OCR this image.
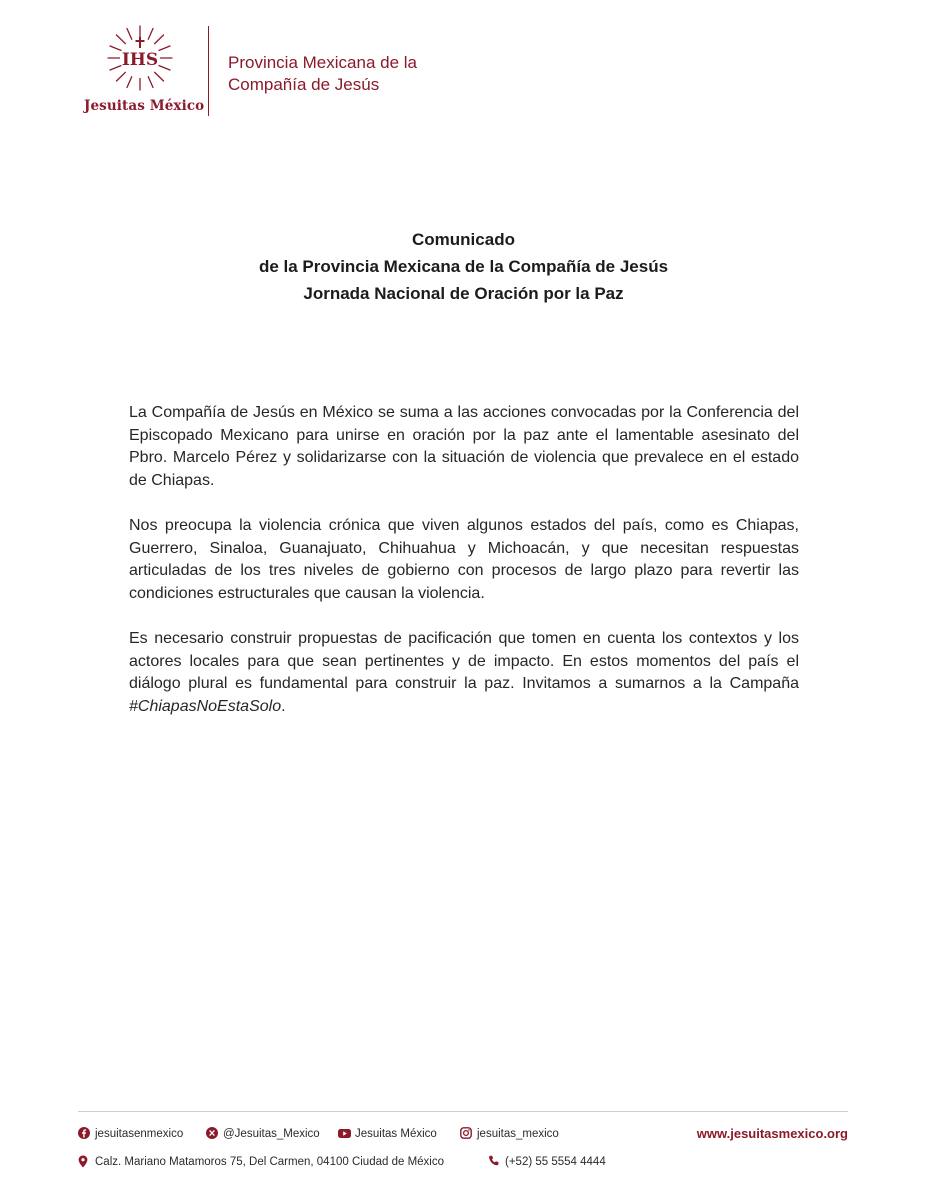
IHS
Jesuitas México
Provincia Mexicana de la
Compañía de Jesús
Comunicado
de la Provincia Mexicana de la Compañía de Jesús
Jornada Nacional de Oración por la Paz

La Compañía de Jesús en México se suma a las acciones convocadas por la Conferencia del Episcopado Mexicano para unirse en oración por la paz ante el lamentable asesinato del Pbro. Marcelo Pérez y solidarizarse con la situación de violencia que prevalece en el estado de Chiapas.

Nos preocupa la violencia crónica que viven algunos estados del país, como es Chiapas, Guerrero, Sinaloa, Guanajuato, Chihuahua y Michoacán, y que necesitan respuestas articuladas de los tres niveles de gobierno con procesos de largo plazo para revertir las condiciones estructurales que causan la violencia.

Es necesario construir propuestas de pacificación que tomen en cuenta los contextos y los actores locales para que sean pertinentes y de impacto. En estos momentos del país el diálogo plural es fundamental para construir la paz. Invitamos a sumarnos a la Campaña #ChiapasNoEstaSolo.

jesuitasenmexico	@Jesuitas_Mexico	Jesuitas México	jesuitas_mexico	www.jesuitasmexico.org
Calz. Mariano Matamoros 75, Del Carmen, 04100 Ciudad de México	(+52) 55 5554 4444
